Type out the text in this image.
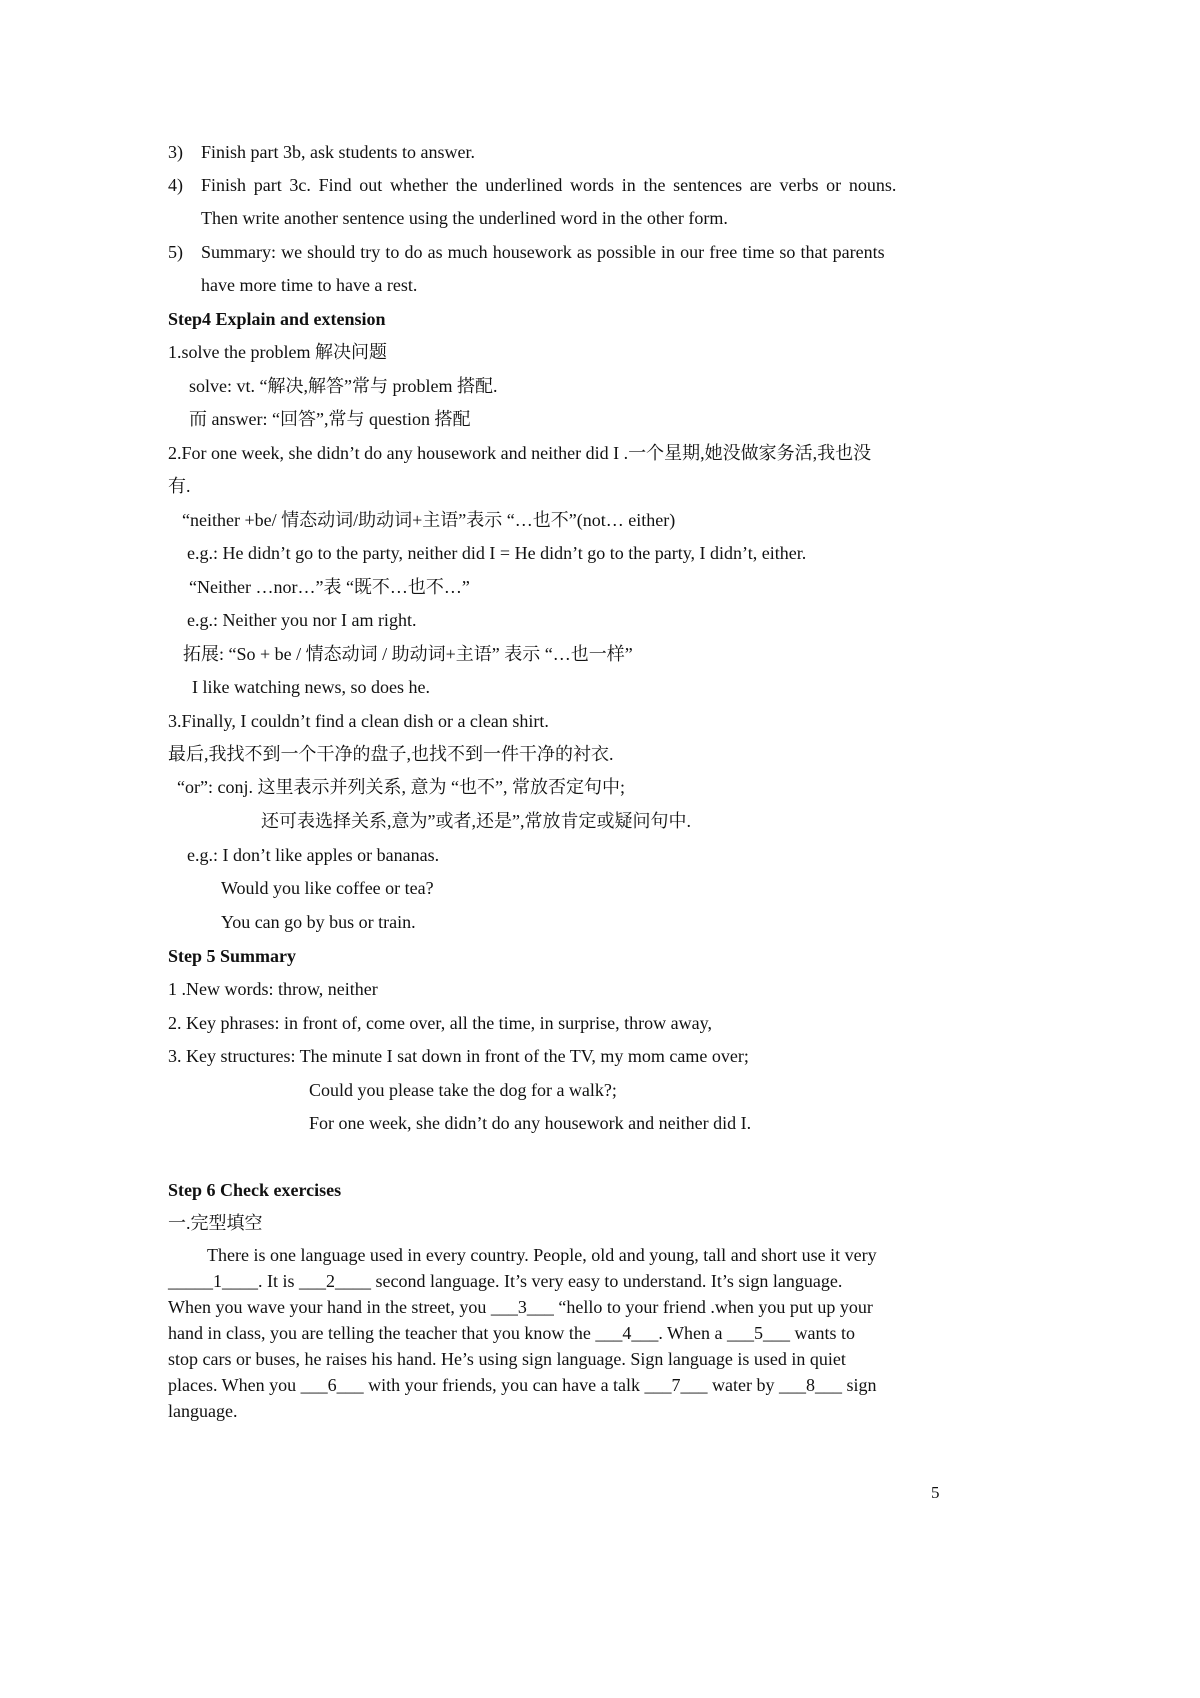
3) Finish part 3b, ask students to answer.
4) Finish part 3c. Find out whether the underlined words in the sentences are verbs or nouns.
Then write another sentence using the underlined word in the other form.
5) Summary: we should try to do as much housework as possible in our free time so that parents
have more time to have a rest.
Step4 Explain and extension
1.solve the problem 解决问题
solve: vt. “解决,解答”常与 problem 搭配.
而 answer: “回答”,常与 question 搭配
2.For one week, she didn’t do any housework and neither did I .一个星期,她没做家务活,我也没
有.
“neither +be/ 情态动词/助动词+主语”表示 “…也不”(not… either)
e.g.: He didn’t go to the party, neither did I = He didn’t go to the party, I didn’t, either.
“Neither …nor…”表 “既不…也不…”
e.g.: Neither you nor I am right.
拓展: “So + be / 情态动词 / 助动词+主语” 表示 “…也一样”
I like watching news, so does he.
3.Finally, I couldn’t find a clean dish or a clean shirt.
最后,我找不到一个干净的盘子,也找不到一件干净的衬衣.
“or”: conj. 这里表示并列关系, 意为 “也不”, 常放否定句中;
还可表选择关系,意为”或者,还是”,常放肯定或疑问句中.
e.g.: I don’t like apples or bananas.
Would you like coffee or tea?
You can go by bus or train.
Step 5 Summary
1 .New words: throw, neither
2. Key phrases: in front of, come over, all the time, in surprise, throw away,
3. Key structures: The minute I sat down in front of the TV, my mom came over;
Could you please take the dog for a walk?;
For one week, she didn’t do any housework and neither did I.
Step 6 Check exercises
一.完型填空
There is one language used in every country. People, old and young, tall and short use it very
_____1____. It is ___2____ second language. It’s very easy to understand. It’s sign language.
When you wave your hand in the street, you ___3___ “hello to your friend .when you put up your
hand in class, you are telling the teacher that you know the ___4___. When a ___5___ wants to
stop cars or buses, he raises his hand. He’s using sign language. Sign language is used in quiet
places. When you ___6___ with your friends, you can have a talk ___7___ water by ___8___ sign
language.
5
